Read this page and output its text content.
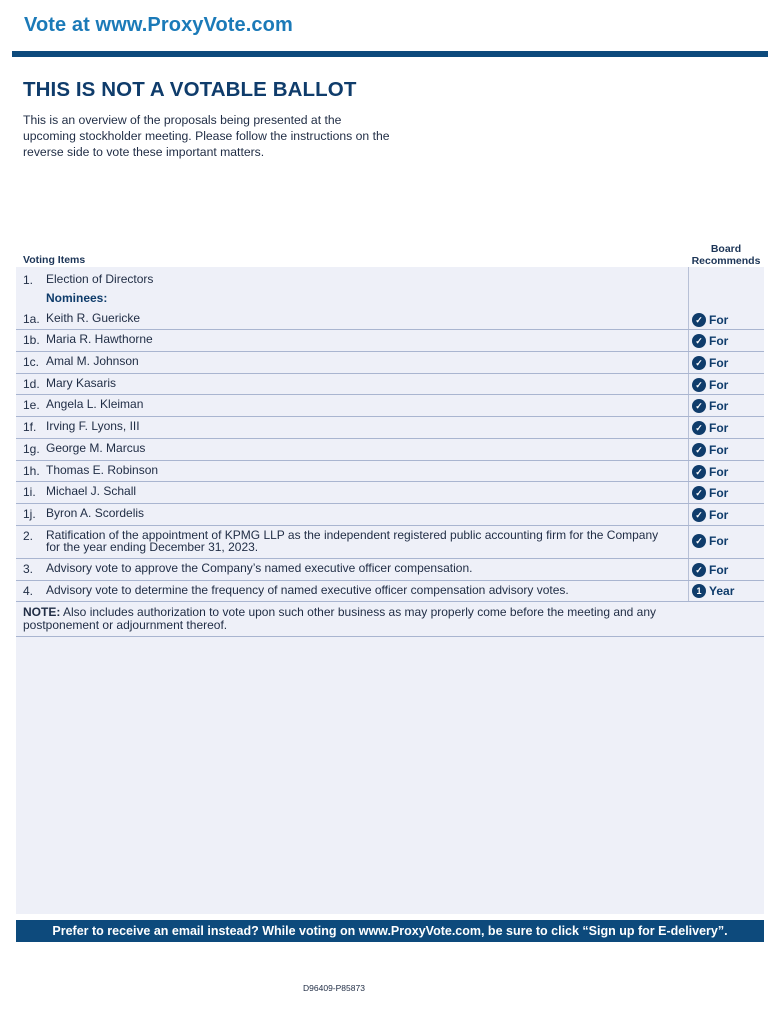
Vote at www.ProxyVote.com
THIS IS NOT A VOTABLE BALLOT
This is an overview of the proposals being presented at the upcoming stockholder meeting. Please follow the instructions on the reverse side to vote these important matters.
Voting Items
Board
Recommends
1. Election of Directors
Nominees:
1a. Keith R. Guericke	✓ For
1b. Maria R. Hawthorne	✓ For
1c. Amal M. Johnson	✓ For
1d. Mary Kasaris	✓ For
1e. Angela L. Kleiman	✓ For
1f. Irving F. Lyons, III	✓ For
1g. George M. Marcus	✓ For
1h. Thomas E. Robinson	✓ For
1i. Michael J. Schall	✓ For
1j. Byron A. Scordelis	✓ For
2. Ratification of the appointment of KPMG LLP as the independent registered public accounting firm for the Company
for the year ending December 31, 2023.	✓ For
3. Advisory vote to approve the Company’s named executive officer compensation.	✓ For
4. Advisory vote to determine the frequency of named executive officer compensation advisory votes.	1 Year
NOTE: Also includes authorization to vote upon such other business as may properly come before the meeting and any
postponement or adjournment thereof.
Prefer to receive an email instead? While voting on www.ProxyVote.com, be sure to click “Sign up for E-delivery”.
D96409-P85873
